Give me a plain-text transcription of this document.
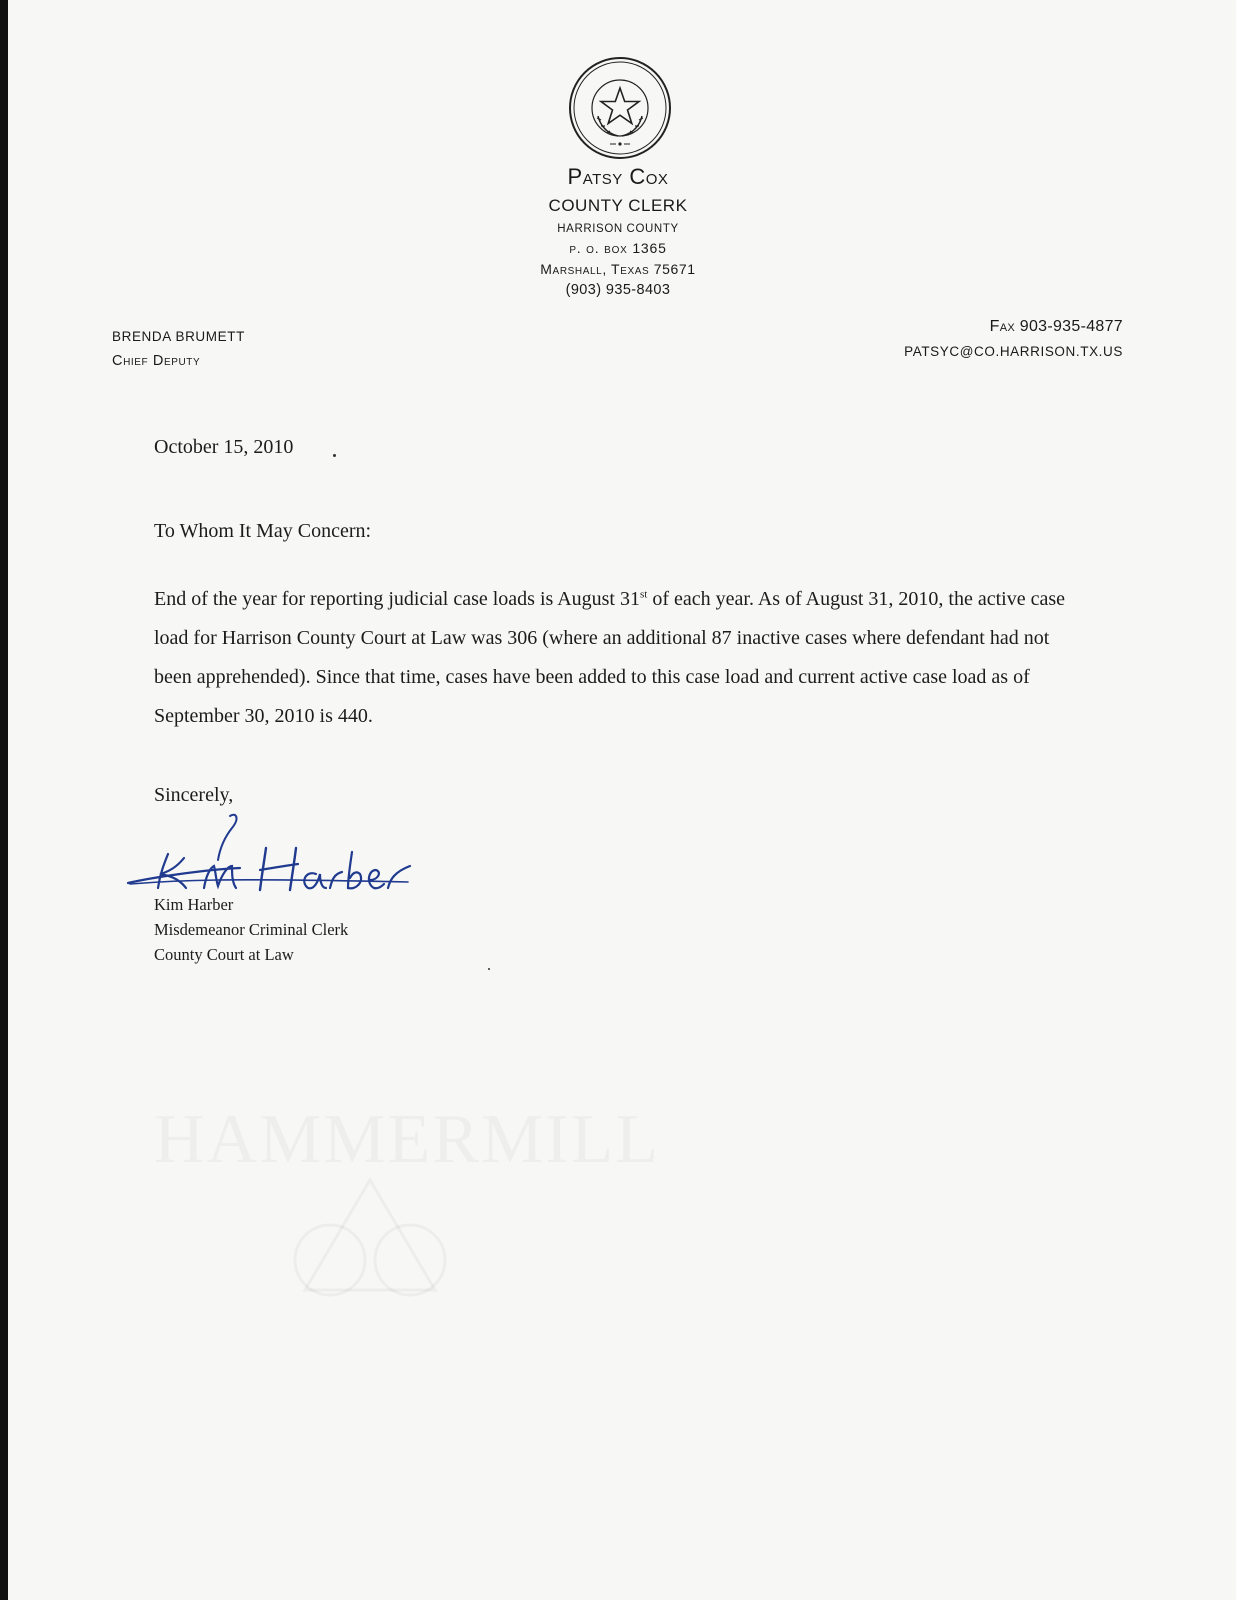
Patsy Cox
COUNTY CLERK
HARRISON COUNTY
p. o. box 1365
Marshall, Texas 75671
(903) 935-8403
BRENDA BRUMETT
Chief Deputy
Fax 903-935-4877
PATSYC@CO.HARRISON.TX.US
October 15, 2010
To Whom It May Concern:
End of the year for reporting judicial case loads is August 31st of each year. As of August 31, 2010, the active case load for Harrison County Court at Law was 306 (where an additional 87 inactive cases where defendant had not been apprehended). Since that time, cases have been added to this case load and current active case load as of September 30, 2010 is 440.
Sincerely,
Kim Harber
Misdemeanor Criminal Clerk
County Court at Law
